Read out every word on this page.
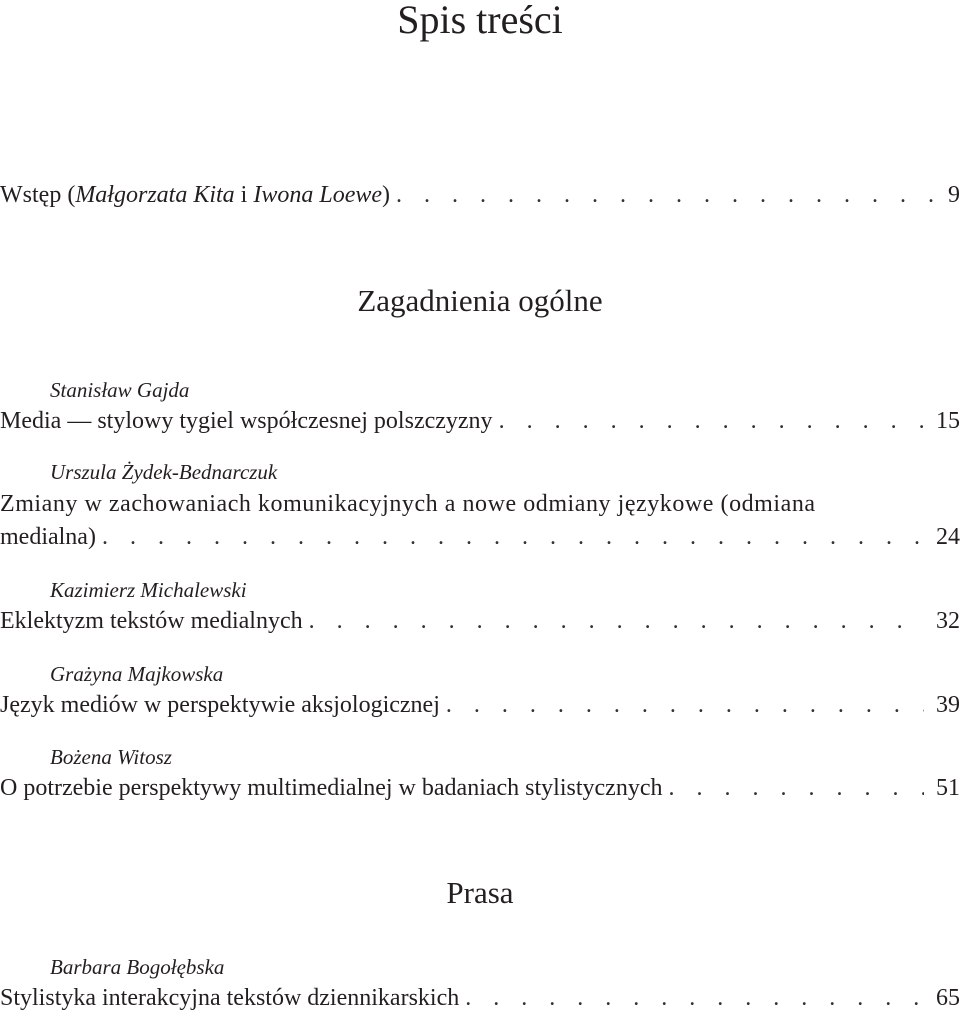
Spis treści
Wstęp (Małgorzata Kita i Iwona Loewe) . . .	9
Zagadnienia ogólne
Stanisław Gajda
Media — stylowy tygiel współczesnej polszczyzny . . .	15
Urszula Żydek-Bednarczuk
Zmiany w zachowaniach komunikacyjnych a nowe odmiany językowe (odmiana
medialna) . . .	24
Kazimierz Michalewski
Eklektyzm tekstów medialnych . . .	32
Grażyna Majkowska
Język mediów w perspektywie aksjologicznej . . .	39
Bożena Witosz
O potrzebie perspektywy multimedialnej w badaniach stylistycznych . . .	51
Prasa
Barbara Bogołębska
Stylistyka interakcyjna tekstów dziennikarskich . . .	65
